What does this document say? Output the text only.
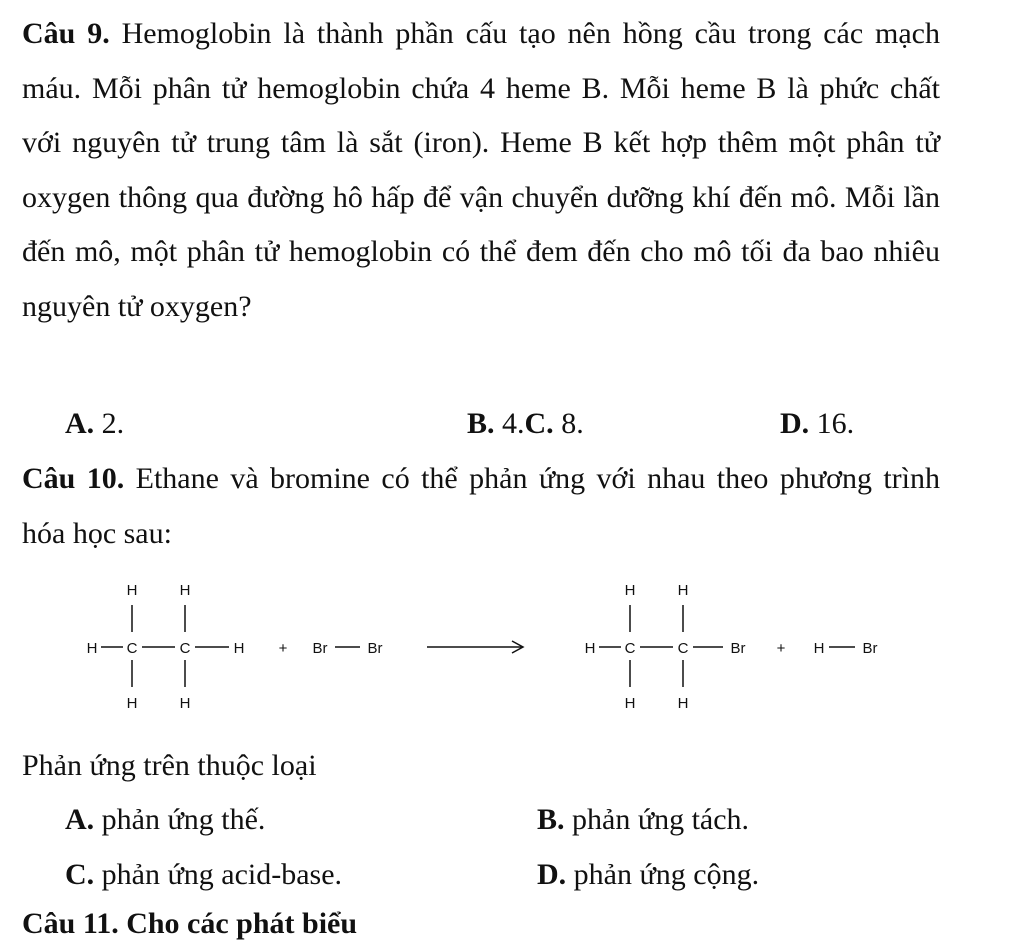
Câu 9. Hemoglobin là thành phần cấu tạo nên hồng cầu trong các mạch máu. Mỗi phân tử hemoglobin chứa 4 heme B. Mỗi heme B là phức chất với nguyên tử trung tâm là sắt (iron). Heme B kết hợp thêm một phân tử oxygen thông qua đường hô hấp để vận chuyển dưỡng khí đến mô. Mỗi lần đến mô, một phân tử hemoglobin có thể đem đến cho mô tối đa bao nhiêu nguyên tử oxygen?

A. 2.	B. 4.C. 8.	D. 16.

Câu 10. Ethane và bromine có thể phản ứng với nhau theo phương trình hóa học sau:

H	H
H C	C	H
H	H
+ Br	Br
H	H
H C	C	Br
H	H
+ H	Br
Phản ứng trên thuộc loại
A. phản ứng thế.	B. phản ứng tách.
C. phản ứng acid-base.	D. phản ứng cộng.
Câu 11. Cho các phát biểu
